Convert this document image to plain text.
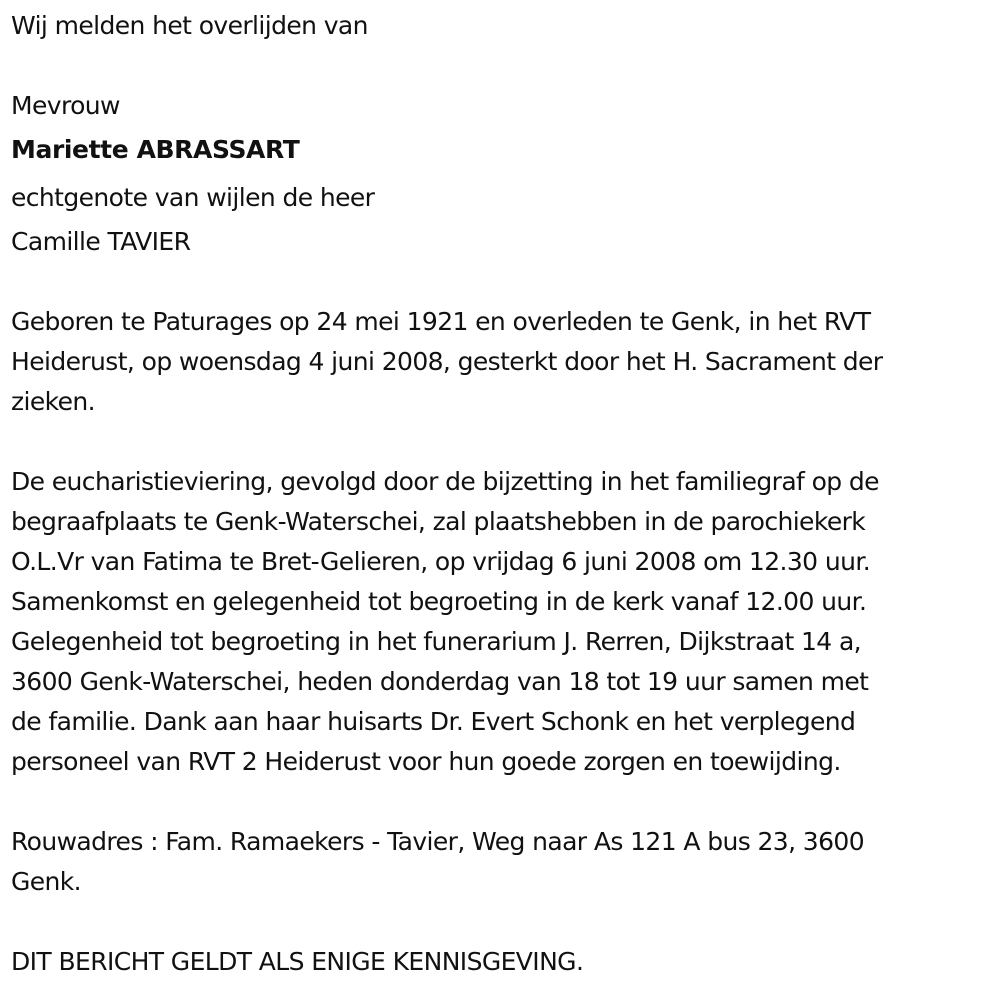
Wij melden het overlijden van
Mevrouw
Mariette ABRASSART
echtgenote van wijlen de heer
Camille TAVIER
Geboren te Paturages op 24 mei 1921 en overleden te Genk, in het RVT
Heiderust, op woensdag 4 juni 2008, gesterkt door het H. Sacrament der
zieken.
De eucharistieviering, gevolgd door de bijzetting in het familiegraf op de
begraafplaats te Genk-Waterschei, zal plaatshebben in de parochiekerk
O.L.Vr van Fatima te Bret-Gelieren, op vrijdag 6 juni 2008 om 12.30 uur.
Samenkomst en gelegenheid tot begroeting in de kerk vanaf 12.00 uur.
Gelegenheid tot begroeting in het funerarium J. Rerren, Dijkstraat 14 a,
3600 Genk-Waterschei, heden donderdag van 18 tot 19 uur samen met
de familie. Dank aan haar huisarts Dr. Evert Schonk en het verplegend
personeel van RVT 2 Heiderust voor hun goede zorgen en toewijding.
Rouwadres : Fam. Ramaekers - Tavier, Weg naar As 121 A bus 23, 3600
Genk.
DIT BERICHT GELDT ALS ENIGE KENNISGEVING.
